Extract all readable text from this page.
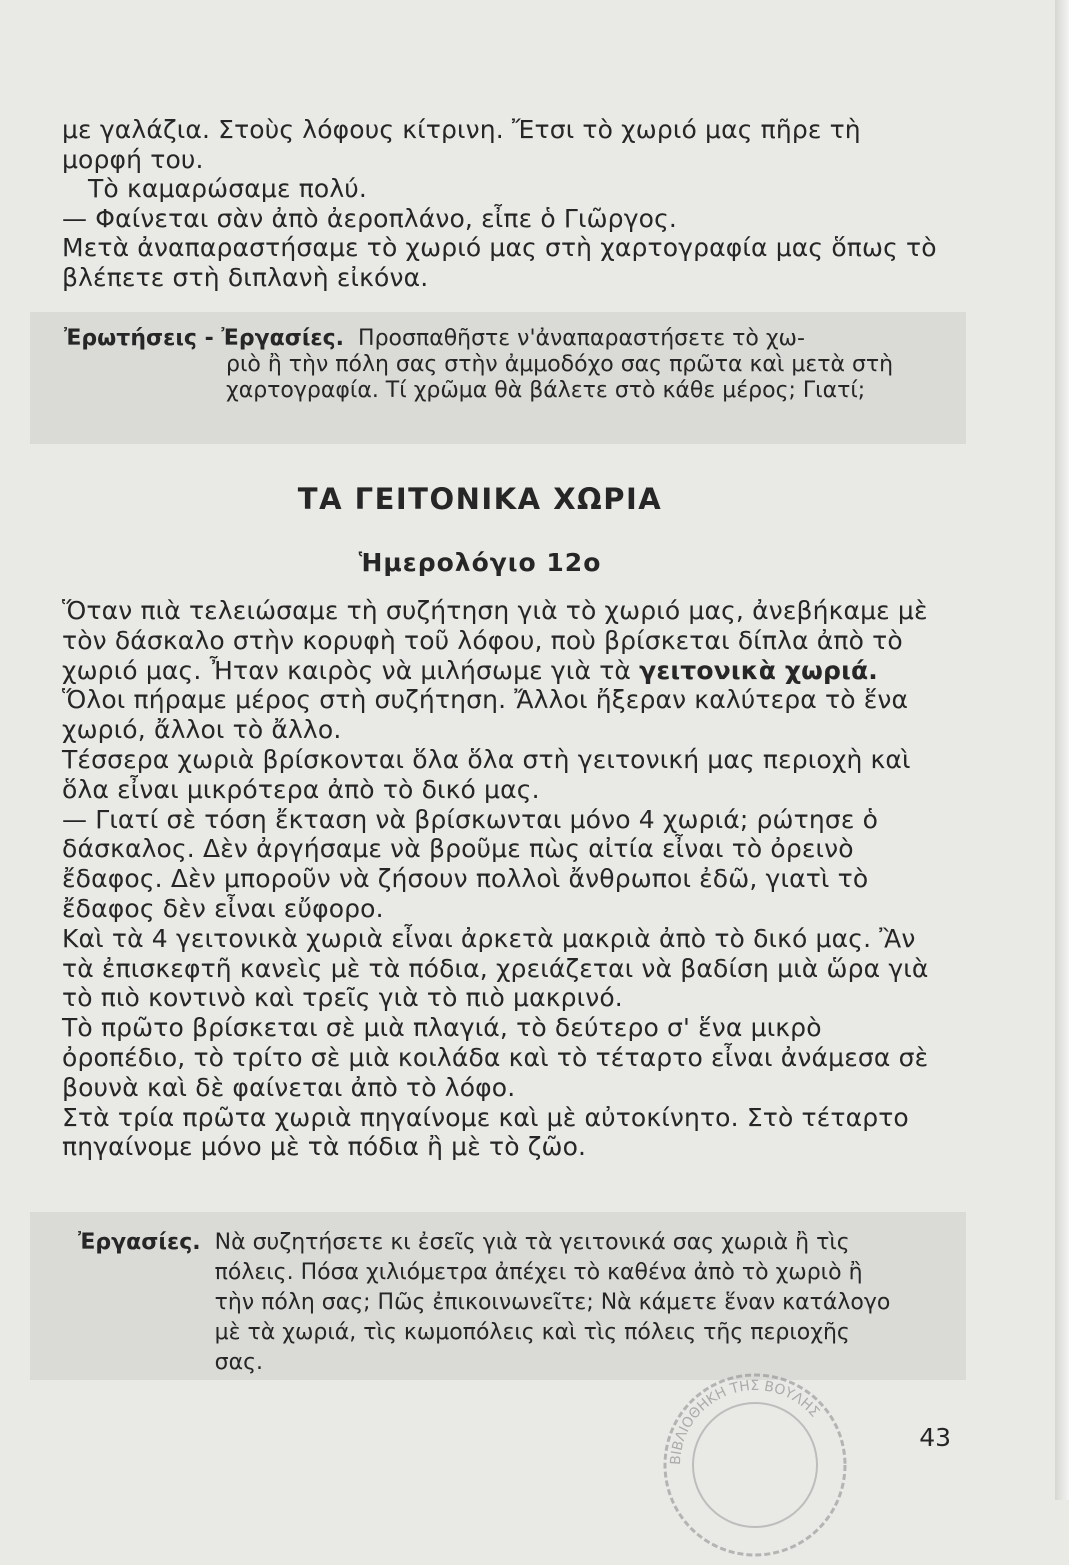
με γαλάζια. Στοὺς λόφους κίτρινη. Ἔτσι τὸ χωριό μας πῆρε τὴ μορφή του.

Τὸ καμαρώσαμε πολύ.

— Φαίνεται σὰν ἀπὸ ἀεροπλάνο, εἶπε ὁ Γιῶργος.

Μετὰ ἀναπαραστήσαμε τὸ χωριό μας στὴ χαρτογραφία μας ὅπως τὸ βλέπετε στὴ διπλανὴ εἰκόνα.

Ἐρωτήσεις - Ἐργασίες. Προσπαθῆστε ν'ἀναπαραστήσετε τὸ χω-
ριὸ ἢ τὴν πόλη σας στὴν ἀμμοδόχο σας πρῶτα καὶ μετὰ στὴ χαρτογραφία. Τί χρῶμα θὰ βάλετε στὸ κάθε μέρος; Γιατί;
ΤΑ ΓΕΙΤΟΝΙΚΑ ΧΩΡΙΑ
Ἡμερολόγιο 12ο

Ὅταν πιὰ τελειώσαμε τὴ συζήτηση γιὰ τὸ χωριό μας, ἀνεβήκαμε μὲ τὸν δάσκαλο στὴν κορυφὴ τοῦ λόφου, ποὺ βρίσκεται δίπλα ἀπὸ τὸ χωριό μας. Ἦταν καιρὸς νὰ μιλήσωμε γιὰ τὰ γειτονικὰ χωριά.

Ὅλοι πήραμε μέρος στὴ συζήτηση. Ἄλλοι ἤξεραν καλύτερα τὸ ἕνα χωριό, ἄλλοι τὸ ἄλλο.

Τέσσερα χωριὰ βρίσκονται ὅλα ὅλα στὴ γειτονική μας περιοχὴ καὶ ὅλα εἶναι μικρότερα ἀπὸ τὸ δικό μας.

— Γιατί σὲ τόση ἔκταση νὰ βρίσκωνται μόνο 4 χωριά; ρώτησε ὁ δάσκαλος. Δὲν ἀργήσαμε νὰ βροῦμε πὼς αἰτία εἶναι τὸ ὀρεινὸ ἔδαφος. Δὲν μποροῦν νὰ ζήσουν πολλοὶ ἄνθρωποι ἐδῶ, γιατὶ τὸ ἔδαφος δὲν εἶναι εὔφορο.

Καὶ τὰ 4 γειτονικὰ χωριὰ εἶναι ἀρκετὰ μακριὰ ἀπὸ τὸ δικό μας. Ἂν τὰ ἐπισκεφτῆ κανεὶς μὲ τὰ πόδια, χρειάζεται νὰ βαδίση μιὰ ὥρα γιὰ τὸ πιὸ κοντινὸ καὶ τρεῖς γιὰ τὸ πιὸ μακρινό.

Τὸ πρῶτο βρίσκεται σὲ μιὰ πλαγιά, τὸ δεύτερο σ' ἕνα μικρὸ ὀροπέδιο, τὸ τρίτο σὲ μιὰ κοιλάδα καὶ τὸ τέταρτο εἶναι ἀνάμεσα σὲ βουνὰ καὶ δὲ φαίνεται ἀπὸ τὸ λόφο.

Στὰ τρία πρῶτα χωριὰ πηγαίνομε καὶ μὲ αὐτοκίνητο. Στὸ τέταρτο πηγαίνομε μόνο μὲ τὰ πόδια ἢ μὲ τὸ ζῶο.

Ἐργασίες. Νὰ συζητήσετε κι ἐσεῖς γιὰ τὰ γειτονικά σας χωριὰ ἢ τὶς πόλεις. Πόσα χιλιόμετρα ἀπέχει τὸ καθένα ἀπὸ τὸ χωριὸ ἢ τὴν πόλη σας; Πῶς ἐπικοινωνεῖτε; Νὰ κάμετε ἕναν κατάλογο μὲ τὰ χωριά, τὶς κωμοπόλεις καὶ τὶς πόλεις τῆς περιοχῆς σας.
ΒΙΒΛΙΟΘΗΚΗ ΤΗΣ ΒΟΥΛΗΣ
43
